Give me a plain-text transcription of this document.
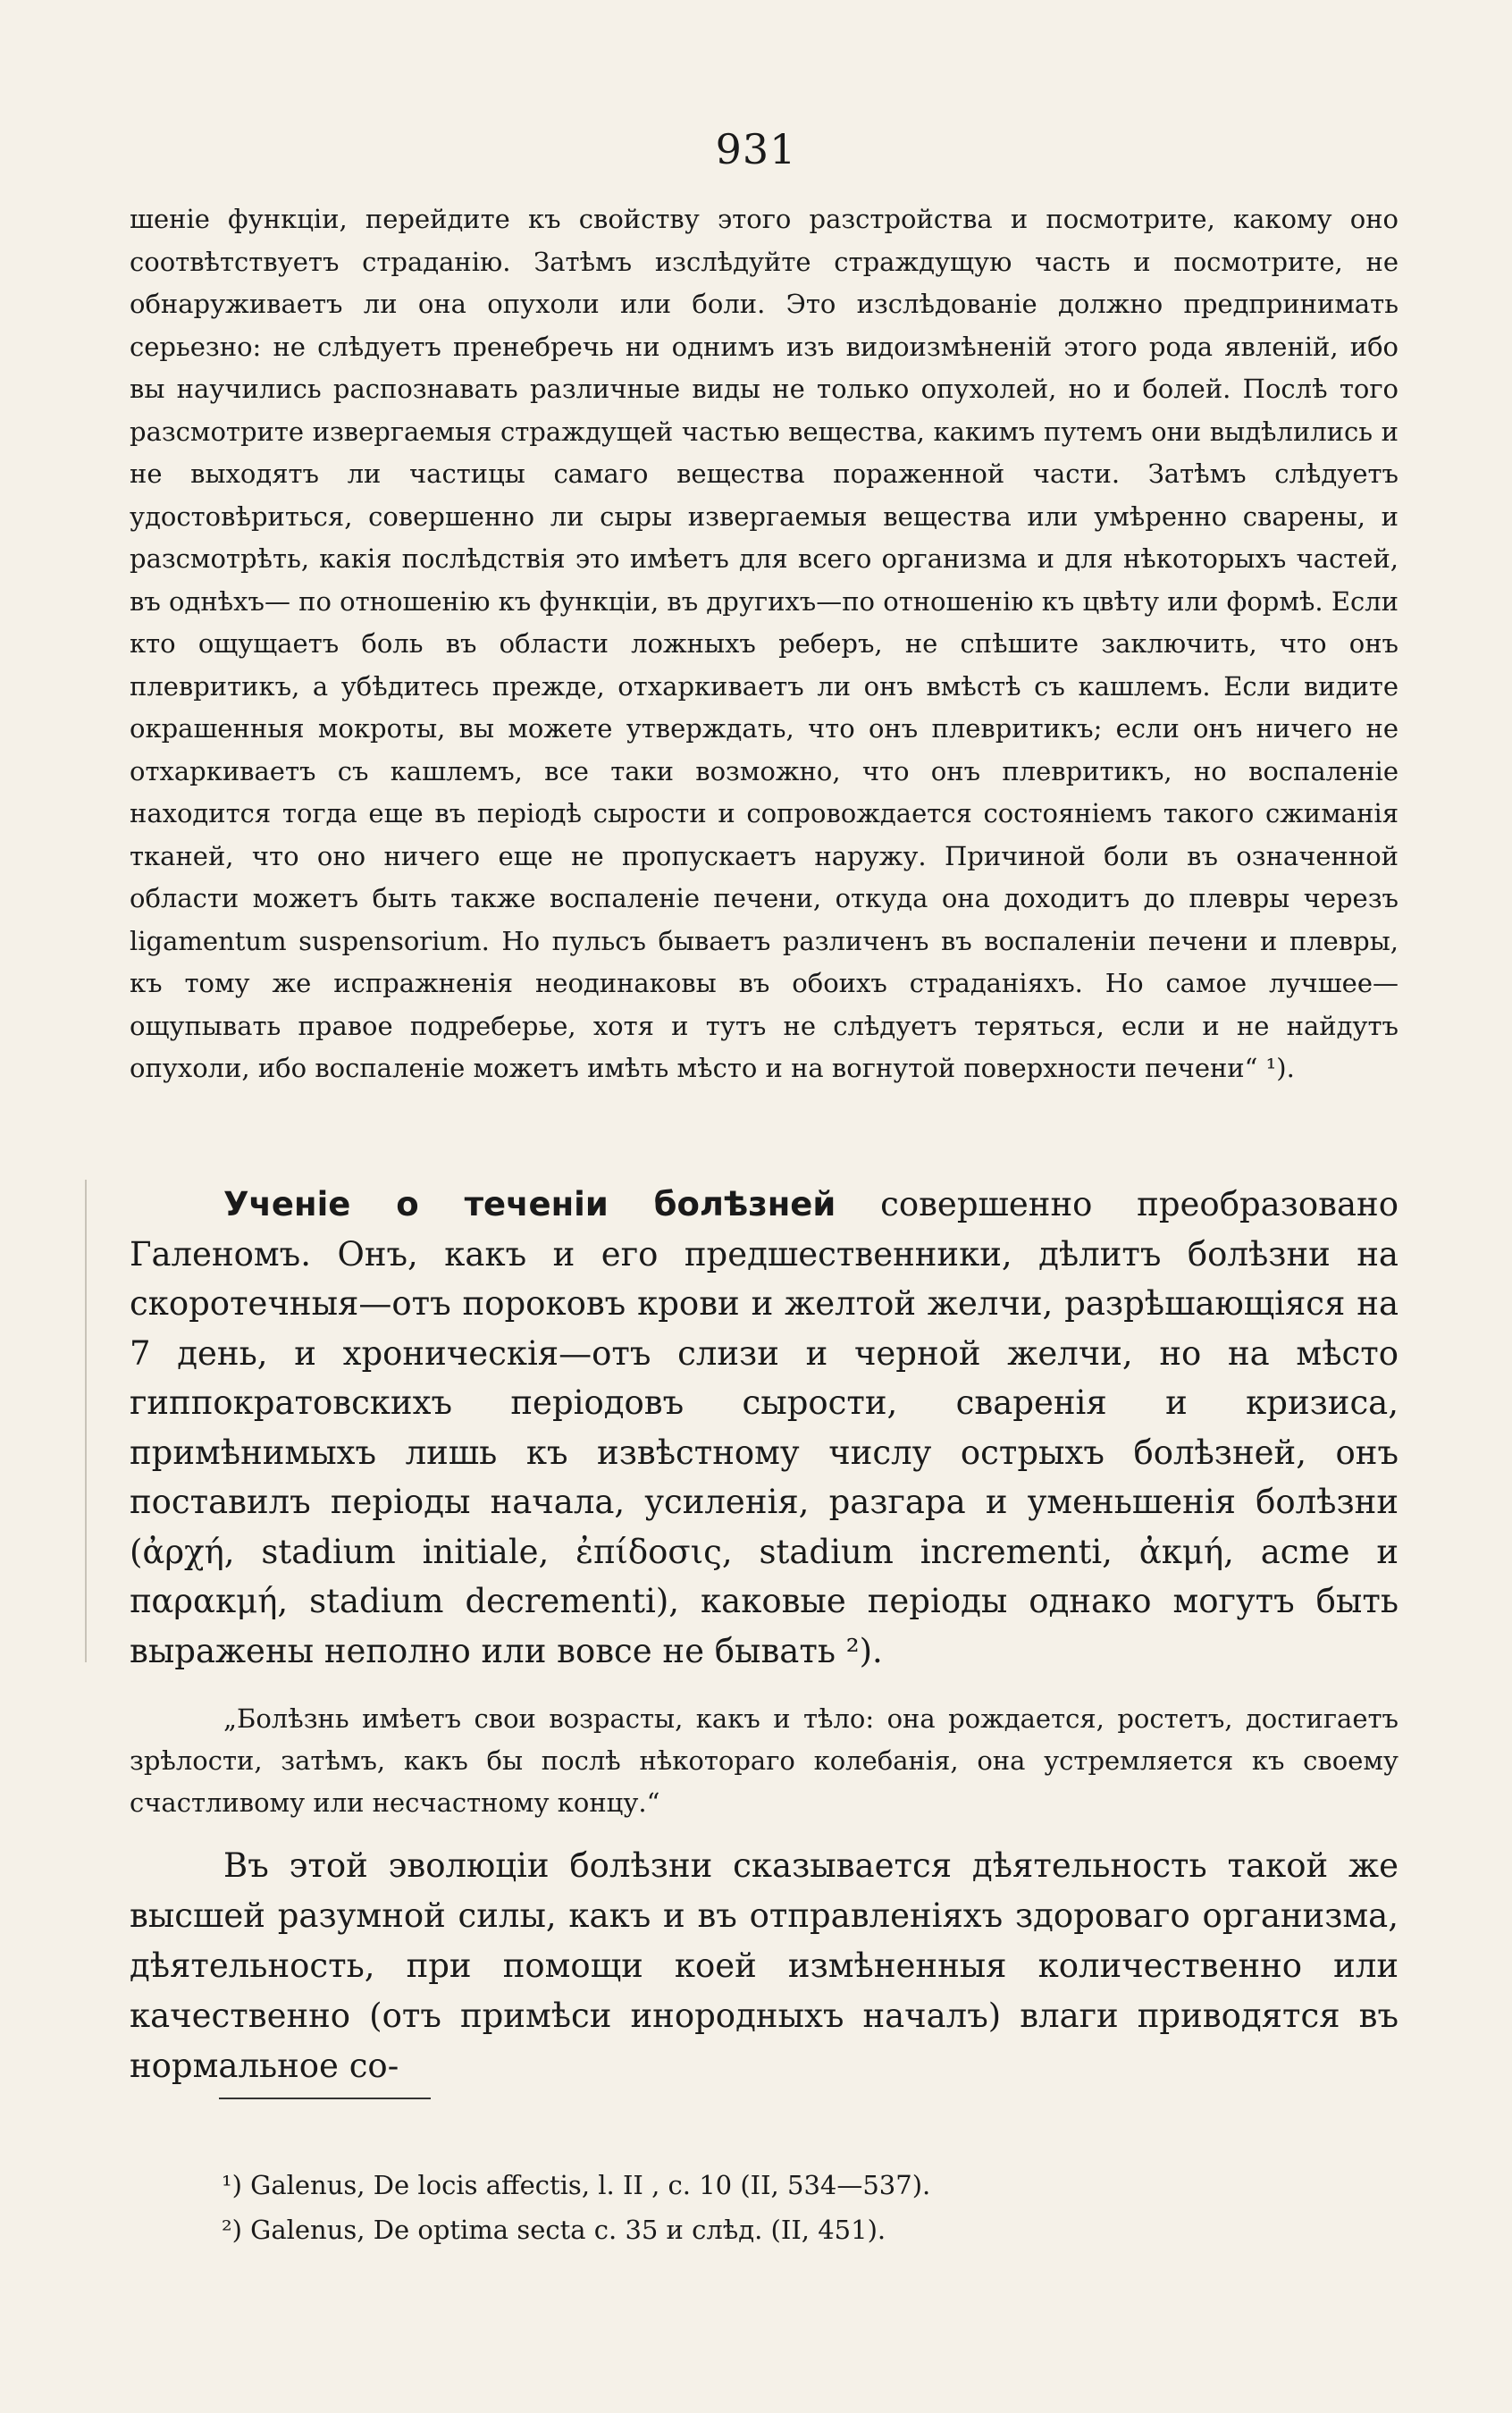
931
шеніе функціи, перейдите къ свойству этого разстройства и посмотрите, какому оно соотвѣтствуетъ страданію. Затѣмъ изслѣдуйте страждущую часть и посмотрите, не обнаруживаетъ ли она опухоли или боли. Это изслѣдованіе должно предпринимать серьезно: не слѣдуетъ пренебречь ни однимъ изъ видоизмѣненій этого рода явленій, ибо вы научились распознавать различные виды не только опухолей, но и болей. Послѣ того разсмотрите извергаемыя страждущей частью вещества, какимъ путемъ они выдѣлились и не выходятъ ли частицы самаго вещества пораженной части. Затѣмъ слѣдуетъ удостовѣриться, совершенно ли сыры извергаемыя вещества или умѣренно сварены, и разсмотрѣть, какія послѣдствія это имѣетъ для всего организма и для нѣкоторыхъ частей, въ однѣхъ— по отношенію къ функціи, въ другихъ—по отношенію къ цвѣту или формѣ. Если кто ощущаетъ боль въ области ложныхъ реберъ, не спѣшите заключить, что онъ плевритикъ, а убѣдитесь прежде, отхаркиваетъ ли онъ вмѣстѣ съ кашлемъ. Если видите окрашенныя мокроты, вы можете утверждать, что онъ плевритикъ; если онъ ничего не отхаркиваетъ съ кашлемъ, все таки возможно, что онъ плевритикъ, но воспаленіе находится тогда еще въ періодѣ сырости и сопровождается состояніемъ такого сжиманія тканей, что оно ничего еще не пропускаетъ наружу. Причиной боли въ означенной области можетъ быть также воспаленіе печени, откуда она доходитъ до плевры черезъ ligamentum suspensorium. Но пульсъ бываетъ различенъ въ воспаленіи печени и плевры, къ тому же испражненія неодинаковы въ обоихъ страданіяхъ. Но самое лучшее—ощупывать правое подреберье, хотя и тутъ не слѣдуетъ теряться, если и не найдутъ опухоли, ибо воспаленіе можетъ имѣть мѣсто и на вогнутой поверхности печени“ ¹).

Ученіе о теченіи болѣзней совершенно преобразовано Галеномъ. Онъ, какъ и его предшественники, дѣлитъ болѣзни на скоротечныя—отъ пороковъ крови и желтой желчи, разрѣшающіяся на 7 день, и хроническія—отъ слизи и черной желчи, но на мѣсто гиппократовскихъ періодовъ сырости, сваренія и кризиса, примѣнимыхъ лишь къ извѣстному числу острыхъ болѣзней, онъ поставилъ періоды начала, усиленія, разгара и уменьшенія болѣзни (ἀρχή, stadium initiale, ἐπίδοσις, stadium incrementi, ἀκμή, acme и παρακμή, stadium decrementi), каковые періоды однако могутъ быть выражены неполно или вовсе не бывать ²).

„Болѣзнь имѣетъ свои возрасты, какъ и тѣло: она рождается, ростетъ, достигаетъ зрѣлости, затѣмъ, какъ бы послѣ нѣкотораго колебанія, она устремляется къ своему счастливому или несчастному концу.“
Въ этой эволюціи болѣзни сказывается дѣятельность такой же высшей разумной силы, какъ и въ отправленіяхъ здороваго организма, дѣятельность, при помощи коей измѣненныя количественно или качественно (отъ примѣси инородныхъ началъ) влаги приводятся въ нормальное со-
¹) Galenus, De locis affectis, l. II , c. 10 (II, 534—537).
²) Galenus, De optima secta c. 35 и слѣд. (II, 451).
